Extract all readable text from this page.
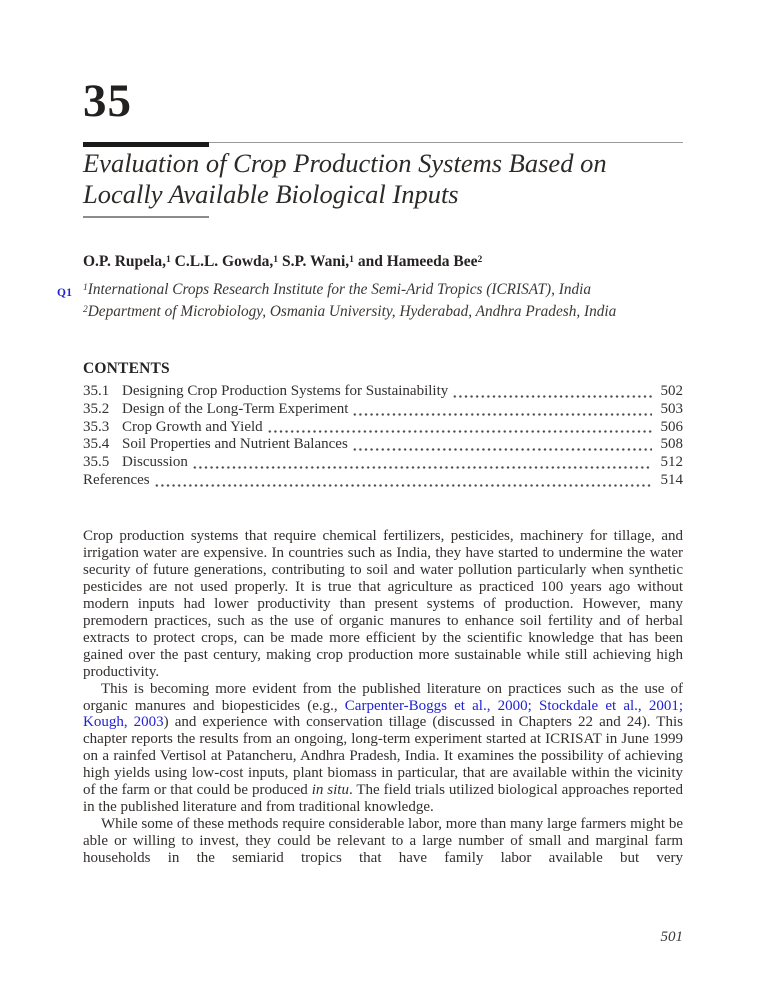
35
Evaluation of Crop Production Systems Based on
Locally Available Biological Inputs
O.P. Rupela,$^1$ C.L.L. Gowda,$^1$ S.P. Wani,$^1$ and Hameeda Bee$^2$
Q1 $^1$International Crops Research Institute for the Semi-Arid Tropics (ICRISAT), India
$^2$Department of Microbiology, Osmania University, Hyderabad, Andhra Pradesh, India
CONTENTS
35.1 Designing Crop Production Systems for Sustainability	502
35.2 Design of the Long-Term Experiment	503
35.3 Crop Growth and Yield	506
35.4 Soil Properties and Nutrient Balances	508
35.5 Discussion	512
References	514

Crop production systems that require chemical fertilizers, pesticides, machinery for tillage, and irrigation water are expensive. In countries such as India, they have started to undermine the water security of future generations, contributing to soil and water pollution particularly when synthetic pesticides are not used properly. It is true that agriculture as practiced 100 years ago without modern inputs had lower productivity than present systems of production. However, many premodern practices, such as the use of organic manures to enhance soil fertility and of herbal extracts to protect crops, can be made more efficient by the scientific knowledge that has been gained over the past century, making crop production more sustainable while still achieving high productivity.

This is becoming more evident from the published literature on practices such as the use of organic manures and biopesticides (e.g., Carpenter-Boggs et al., 2000; Stockdale et al., 2001; Kough, 2003) and experience with conservation tillage (discussed in Chapters 22 and 24). This chapter reports the results from an ongoing, long-term experiment started at ICRISAT in June 1999 on a rainfed Vertisol at Patancheru, Andhra Pradesh, India. It examines the possibility of achieving high yields using low-cost inputs, plant biomass in particular, that are available within the vicinity of the farm or that could be produced in situ. The field trials utilized biological approaches reported in the published literature and from traditional knowledge.

While some of these methods require considerable labor, more than many large farmers might be able or willing to invest, they could be relevant to a large number of small and marginal farm households in the semiarid tropics that have family labor available but very

501
